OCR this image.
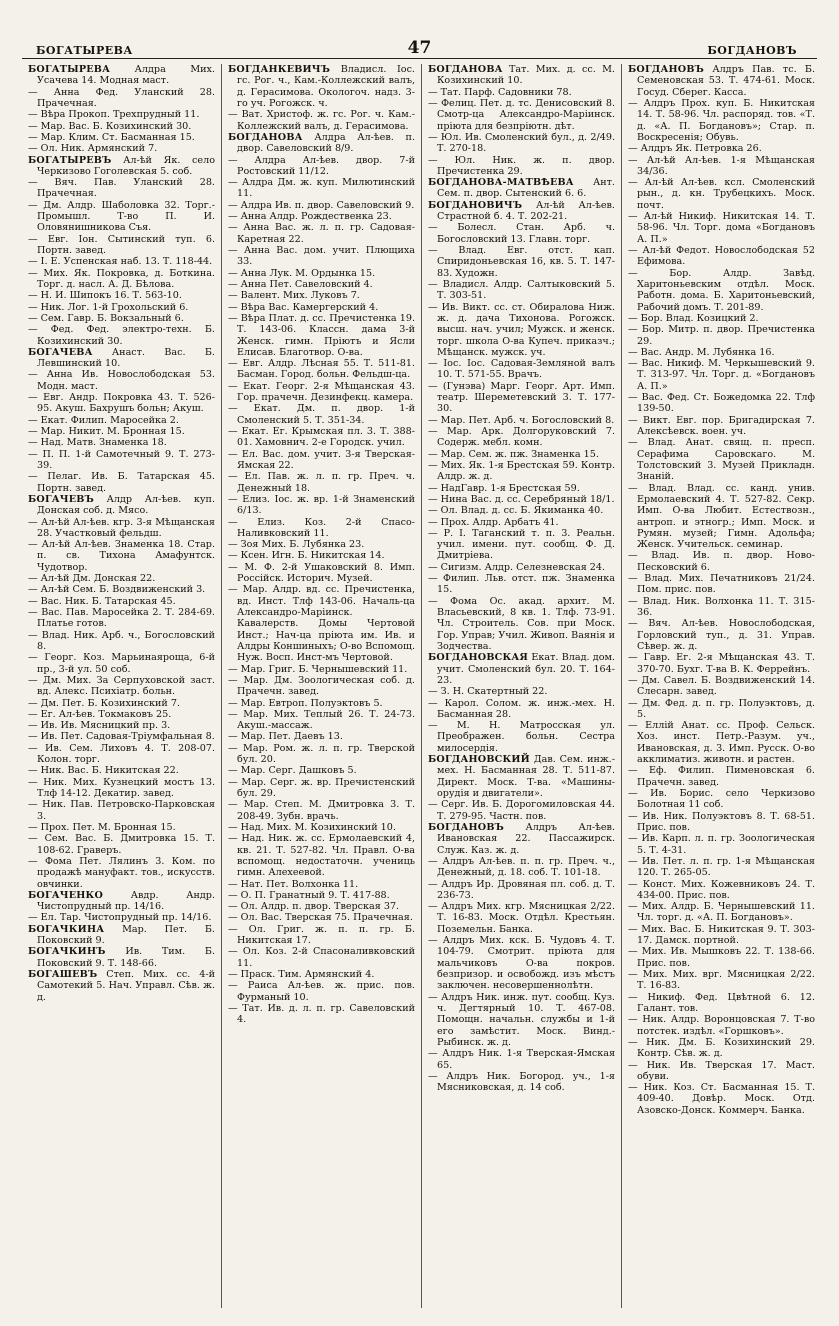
БОГАТЫРЕВА	47	БОГДАНОВЪ

БОГАТЫРЕВА	Алдра Мих. Усачева 14. Модная маст.

— Анна Фед. Уланский 28. Прачечная.

— Вѣра Прокоп. Трехпрудный 11.

— Мар. Вас. Б. Козихинский 30.

— Мар. Клим. Ст. Басманная 15.

— Ол. Ник. Армянский 7.

БОГАТЫРЕВЪ Ал-ѣй Як. село Черкизово Гоголевская 5. соб.

— Вяч. Пав. Уланский 28. Прачечная.

— Дм. Алдр. Шаболовка 32. Торг.-Промышл. Т-во П. И. Оловянишникова Съя.

— Евг. Іон. Сытинский туп. 6. Портн. завед.

— І. Е. Успенская наб. 13. Т. 118-44.

— Мих. Як. Покровка, д. Боткина. Торг. д. насл. А. Д. Бѣлова.

— Н. И. Шипокъ 16. Т. 563-10.

— Ник. Лог. 1-й Грохольский 6.

— Сем. Гавр. Б. Вокзальный 6.

— Фед. Фед. электро-техн. Б. Козихинский 30.

БОГАЧЕВА Анаст. Вас. Б. Левшинский 10.

— Анна Ив. Новослободская 53. Модн. маст.

— Евг. Андр. Покровка 43. Т. 526-95. Акуш. Бахрушъ больн; Акуш.

— Екат. Филип. Маросейка 2.

— Мар. Никит. М. Бронная 15.

— Над. Матв. Знаменка 18.

— П. П. 1-й Самотечный 9. Т. 273-39.

— Пелаг. Ив. Б. Татарская 45. Портн. завед.

БОГАЧЕВЪ Алдр Ал-ѣев. куп. Донская соб. д. Мясо.

— Ал-ѣй Ал-ѣев. кгр. 3-я Мѣщанская 28. Участковый фельдш.

— Ал-ѣй Ал-ѣев. Знаменка 18. Стар. п. св. Тихона Амафунтск. Чудотвор.

— Ал-ѣй Дм. Донская 22.

— Ал-ѣй Сем. Б. Воздвиженский 3.

— Вас. Ник. Б. Татарская 45.

— Вас. Пав. Маросейка 2. Т. 284-69. Платье готов.

— Влад. Ник. Арб. ч., Богословский 8.

— Георг. Коз. Марьинаяроща, 6-й пр., 3-й ул. 50 соб.

— Дм. Мих. За Серпуховской заст. вд. Алекс. Психіатр. больн.

— Дм. Пет. Б. Козихинский 7.

— Ег. Ал-ѣев. Токмаковъ 25.

— Ив. Ив. Мясницкий пр. 3.

— Ив. Пет. Садовая-Тріумфальная 8.

— Ив. Сем. Лиховъ 4. Т. 208-07. Колон. торг.

— Ник. Вас. Б. Никитская 22.

— Ник. Мих. Кузнецкий мостъ 13. Тлф 14-12. Декатир. завед.

— Ник. Пав. Петровско-Парковская 3.

— Прох. Пет. М. Бронная 15.

— Сем. Вас. Б. Дмитровка 15. Т. 108-62. Граверъ.

— Фома Пет. Лялинъ 3. Ком. по продажѣ мануфакт. тов., искусств. овчинки.

БОГАЧЕНКО	Авдр. Андр. Чистопрудный пр. 14/16.

— Ел. Тар. Чистопрудный пр. 14/16.

БОГАЧКИНА Мар. Пет. Б. Поковский 9.

БОГАЧКИНЪ Ив. Тим. Б. Поковский 9. Т. 148-66.

БОГАШЕВЪ Степ. Мих. сс. 4-й Самотекий 5. Нач. Управл. Сѣв. ж. д.

БОГДАНКЕВИЧЪ Владисл. Іос. гс. Рог. ч., Кам.-Коллежский валъ, д. Герасимова. Окологоч. надз. 3-го уч. Рогожск. ч.

— Ват. Христоф. ж. гс. Рог. ч. Кам.-Коллежский валъ, д. Герасимова.

БОГДАНОВА Алдра Ал-ѣев. п. двор. Савеловский 8/9.

— Алдра Ал-ѣев. двор. 7-й Ростовский 11/12.

— Алдра Дм. ж. куп. Милютинский 11.

— Алдра Ив. п. двор. Савеловский 9.

— Анна Алдр. Рождественка 23.

— Анна Вас. ж. л. п. гр. Садовая-Каретная 22.

— Анна Вас. дом. учит. Плющиха 33.

— Анна Лук. М. Ордынка 15.

— Анна Пет. Савеловский 4.

— Валент. Мих. Луковъ 7.

— Вѣра Вас. Камергерский 4.

— Вѣра Плат. д. сс. Пречистенка 19. Т. 143-06. Классн. дама 3-й Женск. гимн. Пріютъ и Ясли Елисав. Благотвор. О-ва.

— Евг. Алдр. Лѣсная 55. Т. 511-81. Басман. Город. больн. Фельдш-ца.

— Екат. Георг. 2-я Мѣщанская 43. Гор. прачечн. Дезинфекц. камера.

— Екат. Дм. п. двор. 1-й Смоленский 5. Т. 351-34.

— Екат. Ег. Крымская пл. 3. Т. 388-01. Хамовнич. 2-е Городск. учил.

— Ел. Вас. дом. учит. 3-я Тверская-Ямская 22.

— Ел. Пав. ж. л. п. гр. Преч. ч. Денежный 18.

— Елиз. Іос. ж. вр. 1-й Знаменский 6/13.

— Елиз. Коз. 2-й Спасо-Наливковский 11.

— Зоя Мих. Б. Лубянка 23.

— Ксен. Игн. Б. Никитская 14.

— М. Ф. 2-й Ушаковский 8. Имп. Россійск. Историч. Музей.

— Мар. Алдр. вд. сс. Пречистенка, вд. Инст. Тлф 143-06. Началь-ца Александро-Маріинск. Кавалерств. Домы Чертовой Инст.; Нач-ца пріюта им. Ив. и Алдры Коншиныхъ; О-во Вспомощ. Нуж. Восп. Инст-мъ Чертовой.

— Мар. Григ. Б. Чернышевский 11.

— Мар. Дм. Зоологическая соб. д. Прачечн. завед.

— Мар. Евтроп. Полуэктовъ 5.

— Мар. Мих. Теплый 26. Т. 24-73. Акуш.-массаж.

— Мар. Пет. Даевъ 13.

— Мар. Ром. ж. л. п. гр. Тверской бул. 20.

— Мар. Серг. Дашковъ 5.

— Мар. Серг. ж. вр. Пречистенский бул. 29.

— Мар. Степ. М. Дмитровка 3. Т. 208-49. Зубн. врачь.

— Над. Мих. М. Козихинский 10.

— Над. Ник. ж. сс. Ермолаевский 4, кв. 21. Т. 527-82. Чл. Правл. О-ва вспомощ. недостаточн. учениць гимн. Алехеевой.

— Нат. Пет. Волхонка 11.

— О. П. Гранатный 9. Т. 417-88.

— Ол. Алдр. п. двор. Тверская 37.

— Ол. Вас. Тверская 75. Прачечная.

— Ол. Григ. ж. п. п. гр. Б. Никитская 17.

— Ол. Коз. 2-й Спасоналивковский 11.

— Праск. Тим. Армянский 4.

— Раиса Ал-ѣев. ж. прис. пов. Фурманый 10.

— Тат. Ив. д. л. п. гр. Савеловский 4.

БОГДАНОВА Тат. Мих. д. сс. М. Козихинский 10.

— Тат. Парф. Садовники 78.

— Фелиц. Пет. д. тс. Денисовский 8. Смотр-ца Александро-Маріинск. пріюта для безпріютн. дѣт.

— Юл. Ив. Смоленский бул., д. 2/49. Т. 270-18.

— Юл. Ник. ж. п. двор. Пречистенка 29.

БОГДАНОВА-МАТВѢЕВА Ант. Сем. п. двор. Сытенский 6. 6.

БОГДАНОВИЧЪ Ал-ѣй Ал-ѣев. Страстной б. 4. Т. 202-21.

— Болесл. Стан. Арб. ч. Богословский 13. Главн. торг.

— Влад. Евг. отст. кап. Спиридоньевская 16, кв. 5. Т. 147-83. Художн.

— Владисл. Алдр. Салтыковский 5. Т. 303-51.

— Ив. Викт. сс. ст. Обиралова Ниж. ж. д. дача Тихонова. Рогожск. высш. нач. учил; Мужск. и женск. торг. школа О-ва Купеч. приказч.; Мѣщанск. мужск. уч.

— Іос. Іос. Садовая-Земляной валъ 10. Т. 571-55. Врачъ.

— (Гунэва) Марг. Георг. Арт. Имп. театр. Шереметевский 3. Т. 177-30.

— Мар. Пет. Арб. ч. Богословский 8.

— Мар. Арк. Долгоруковский 7. Содерж. мебл. комн.

— Мар. Сем. ж. пж. Знаменка 15.

— Мих. Як. 1-я Брестская 59. Контр. Алдр. ж. д.

— НадГавр. 1-я Брестская 59.

— Нина Вас. д. сс. Серебряный 18/1.

— Ол. Влад. д. сс. Б. Якиманка 40.

— Прох. Алдр. Арбатъ 41.

— Р. І. Таганский т. п. 3. Реальн. учил. имени. пут. сообщ. Ф. Д. Дмитріева.

— Сигизм. Алдр. Селезневская 24.

— Филип. Льв. отст. пж. Знаменка 15.

— Фома Ос. акад. архит. М. Власьевский, 8 кв. 1. Тлф. 73-91. Чл. Строитель. Сов. при Моск. Гор. Управ; Учил. Живоп. Ваянія и Зодчества.

БОГДАНОВСКАЯ Екат. Влад. дом. учит. Смоленский бул. 20. Т. 164-23.

— З. Н. Скатертный 22.

— Карол. Солом. ж. инж.-мех. Н. Басманная 28.

— М. Н. Матросская ул. Преображен. больн. Сестра милосердія.

БОГДАНОВСКИЙ Дав. Сем. инж.-мех. Н. Басманная 28. Т. 511-87. Директ. Моск. Т-ва. «Машины-орудія и двигатели».

— Серг. Ив. Б. Дорогомиловская 44. Т. 279-95. Частн. пов.

БОГДАНОВЪ Алдръ Ал-ѣев. Ивановская 22. Пассажирск. Служ. Каз. ж. д.

— Алдръ Ал-ѣев. п. п. гр. Преч. ч., Денежный, д. 18. соб. Т. 101-18.

— Алдръ Ир. Дровяная пл. соб. д. Т. 236-73.

— Алдръ Мих. кгр. Мясницкая 2/22. Т. 16-83. Моск. Отдѣл. Крестьян. Поземельн. Банка.

— Алдръ Мих. кск. Б. Чудовъ 4. Т. 104-79. Смотрит. пріюта для мальчиковъ О-ва покров. безпризор. и освобожд. изъ мѣстъ заключен. несовершеннолѣтн.

— Алдръ Ник. инж. пут. сообщ. Куз. ч. Дегтярный 10. Т. 467-08. Помощн. начальн. службы и 1-й его замѣстит. Моск. Винд.-Рыбинск. ж. д.

— Алдръ Ник. 1-я Тверская-Ямская 65.

— Алдръ Ник. Богород. уч., 1-я Мясниковская, д. 14 соб.

БОГДАНОВЪ Алдръ Пав. тс. Б. Семеновская 53. Т. 474-61. Моск. Госуд. Сберег. Касса.

— Алдръ Прох. куп. Б. Никитская 14. Т. 58-96. Чл. распоряд. тов. «Т. д. «А. П. Богдановъ»; Стар. п. Воскресенія; Обувь.

— Алдръ Як. Петровка 26.

— Ал-ѣй Ал-ѣев. 1-я Мѣщанская 34/36.

— Ал-ѣй Ал-ѣев. ксл. Смоленский рын., д. кн. Трубецкихъ. Моск. почт.

— Ал-ѣй Никиф. Никитская 14. Т. 58-96. Чл. Торг. дома «Богдановъ А. П.»

— Ал-ѣй Федот. Новослободская 52 Ефимова.

— Бор. Алдр. Завѣд. Харитоньевским отдѣл. Моск. Работн. дома. Б. Харитоньевский, Рабочий домъ. Т. 201-89.

— Бор. Влад. Козицкий 2.

— Бор. Митр. п. двор. Пречистенка 29.

— Вас. Андр. М. Лубянка 16.

— Вас. Никиф. М. Черкышевский 9. Т. 313-97. Чл. Торг. д. «Богдановъ А. П.»

— Вас. Фед. Ст. Божедомка 22. Тлф 139-50.

— Викт. Евг. пор. Бригадирская 7. Алексѣевск. воен. уч.

— Влад. Анат. свящ. п. пресп. Серафима Саровскаго. М. Толстовский 3. Музей Прикладн. Знаній.

— Влад. Влад. сс. канд. унив. Ермолаевский 4. Т. 527-82. Секр. Имп. О-ва Любит. Естествозн., антроп. и этногр.; Имп. Моск. и Румян. музей; Гимн. Адольфа; Женск. Учительск. семинар.

— Влад. Ив. п. двор. Ново-Песковский 6.

— Влад. Мих. Печатниковъ 21/24. Пом. прис. пов.

— Влад. Ник. Волхонка 11. Т. 315-36.

— Вяч. Ал-ѣев. Новослободская, Горловский туп., д. 31. Управ. Сѣвер. ж. д.

— Гавр. Ег. 2-я Мѣщанская 43. Т. 370-70. Бухг. Т-ва В. К. Феррейнъ.

— Дм. Савел. Б. Воздвиженский 14. Слесарн. завед.

— Дм. Фед. д. п. гр. Полуэктовъ, д. 5.

— Еллій Анат. сс. Проф. Сельск. Хоз. инст. Петр.-Разум. уч., Ивановская, д. 3. Имп. Русск. О-во акклиматиз. животн. и растен.

— Еф. Филип. Пименовская 6. Прачечн. завед.

— Ив. Борис. село Черкизово Болотная 11 соб.

— Ив. Ник. Полуэктовъ 8. Т. 68-51. Прис. пов.

— Ив. Карп. л. п. гр. Зоологическая 5. Т. 4-31.

— Ив. Пет. л. п. гр. 1-я Мѣщанская 120. Т. 265-05.

— Конст. Мих. Кожевниковъ 24. Т. 434-00. Прис. пов.

— Мих. Алдр. Б. Чернышевский 11. Чл. торг. д. «А. П. Богдановъ».

— Мих. Вас. Б. Никитская 9. Т. 303-17. Дамск. портной.

— Мих. Ив. Мышковъ 22. Т. 138-66. Прис. пов.

— Мих. Мих. врг. Мясницкая 2/22. Т. 16-83.

— Никиф. Фед. Цвѣтной 6. 12. Галант. тов.

— Ник. Алдр. Воронцовская 7. Т-во потстек. издѣл. «Горшковъ».

— Ник. Дм. Б. Козихинский 29. Контр. Сѣв. ж. д.

— Ник. Ив. Тверская 17. Маст. обуви.

— Ник. Коз. Ст. Басманная 15. Т. 409-40. Довѣр. Моск. Отд. Азовско-Донск. Коммерч. Банка.
